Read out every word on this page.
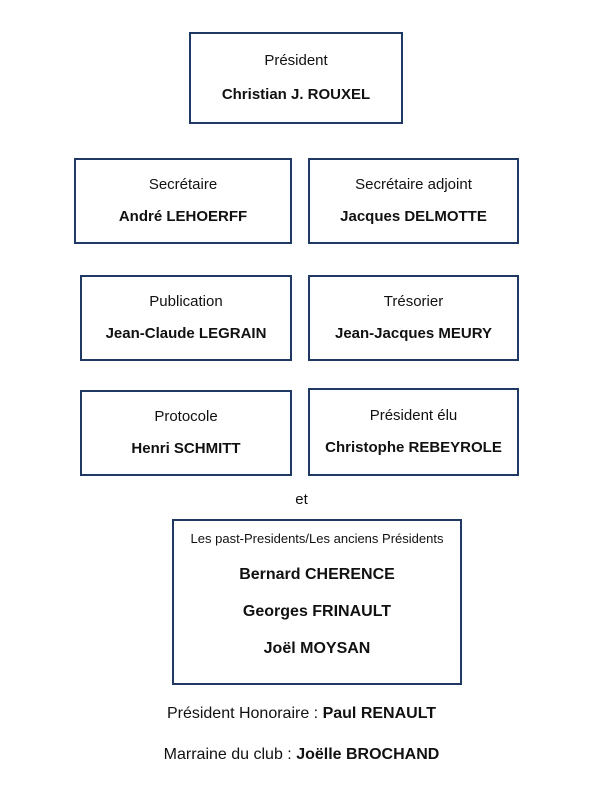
Président
Christian J. ROUXEL
Secrétaire
André LEHOERFF
Secrétaire adjoint
Jacques DELMOTTE
Publication
Jean-Claude LEGRAIN
Trésorier
Jean-Jacques MEURY
Protocole
Henri SCHMITT
Président élu
Christophe REBEYROLE
et
Les past-Presidents/Les anciens Présidents
Bernard CHERENCE
Georges FRINAULT
Joël MOYSAN
Président Honoraire : Paul RENAULT
Marraine du club : Joëlle BROCHAND
